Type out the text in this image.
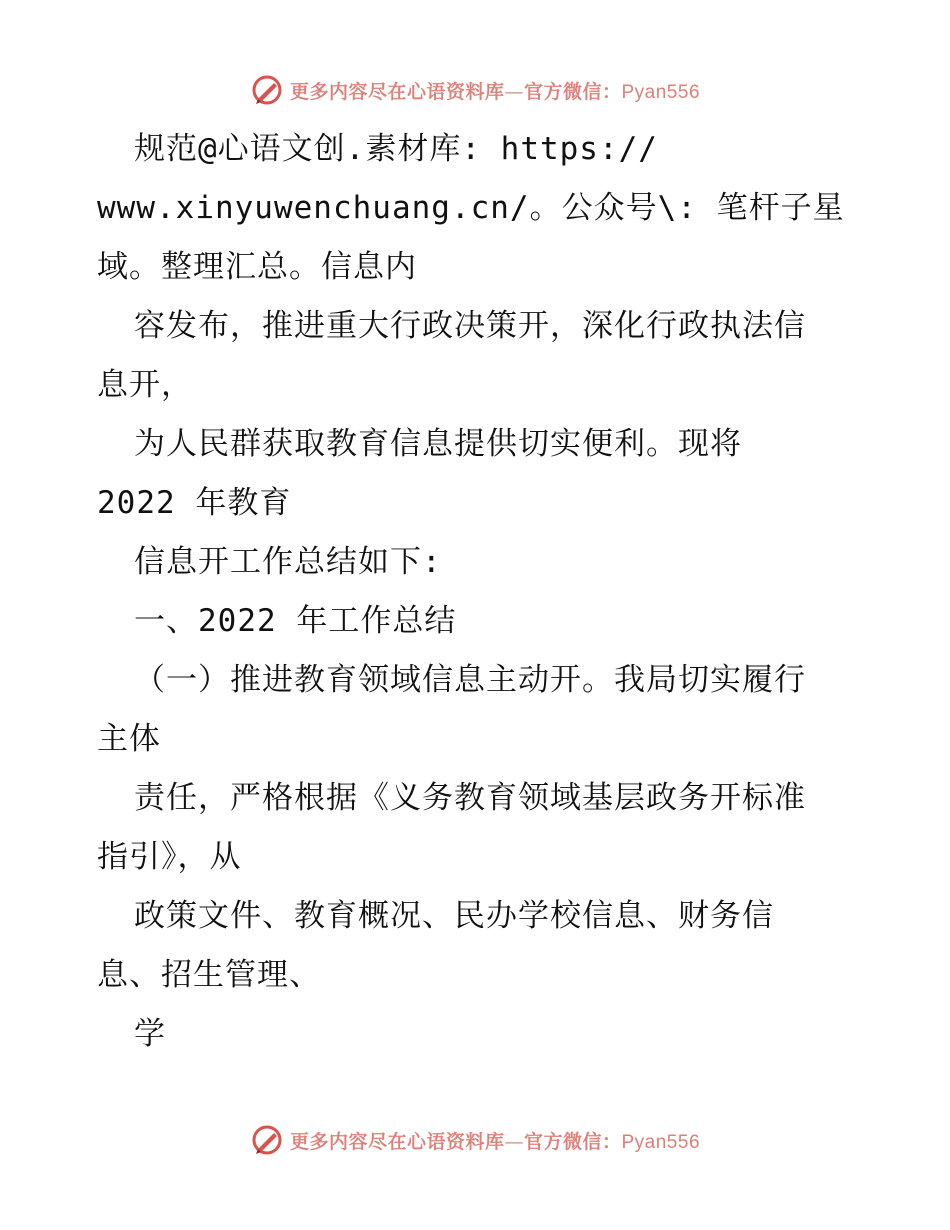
更多内容尽在心语资料库—官方微信：Pyan556
规范@心语文创.素材库: https://
www.xinyuwenchuang.cn/。公众号\: 笔杆子星
域。整理汇总。信息内
容发布，推进重大行政决策开，深化行政执法信
息开，
为人民群获取教育信息提供切实便利。现将
2022 年教育
信息开工作总结如下:
一、2022 年工作总结
（一）推进教育领域信息主动开。我局切实履行
主体
责任，严格根据《义务教育领域基层政务开标准
指引》，从
政策文件、教育概况、民办学校信息、财务信
息、招生管理、
学
更多内容尽在心语资料库—官方微信：Pyan556
